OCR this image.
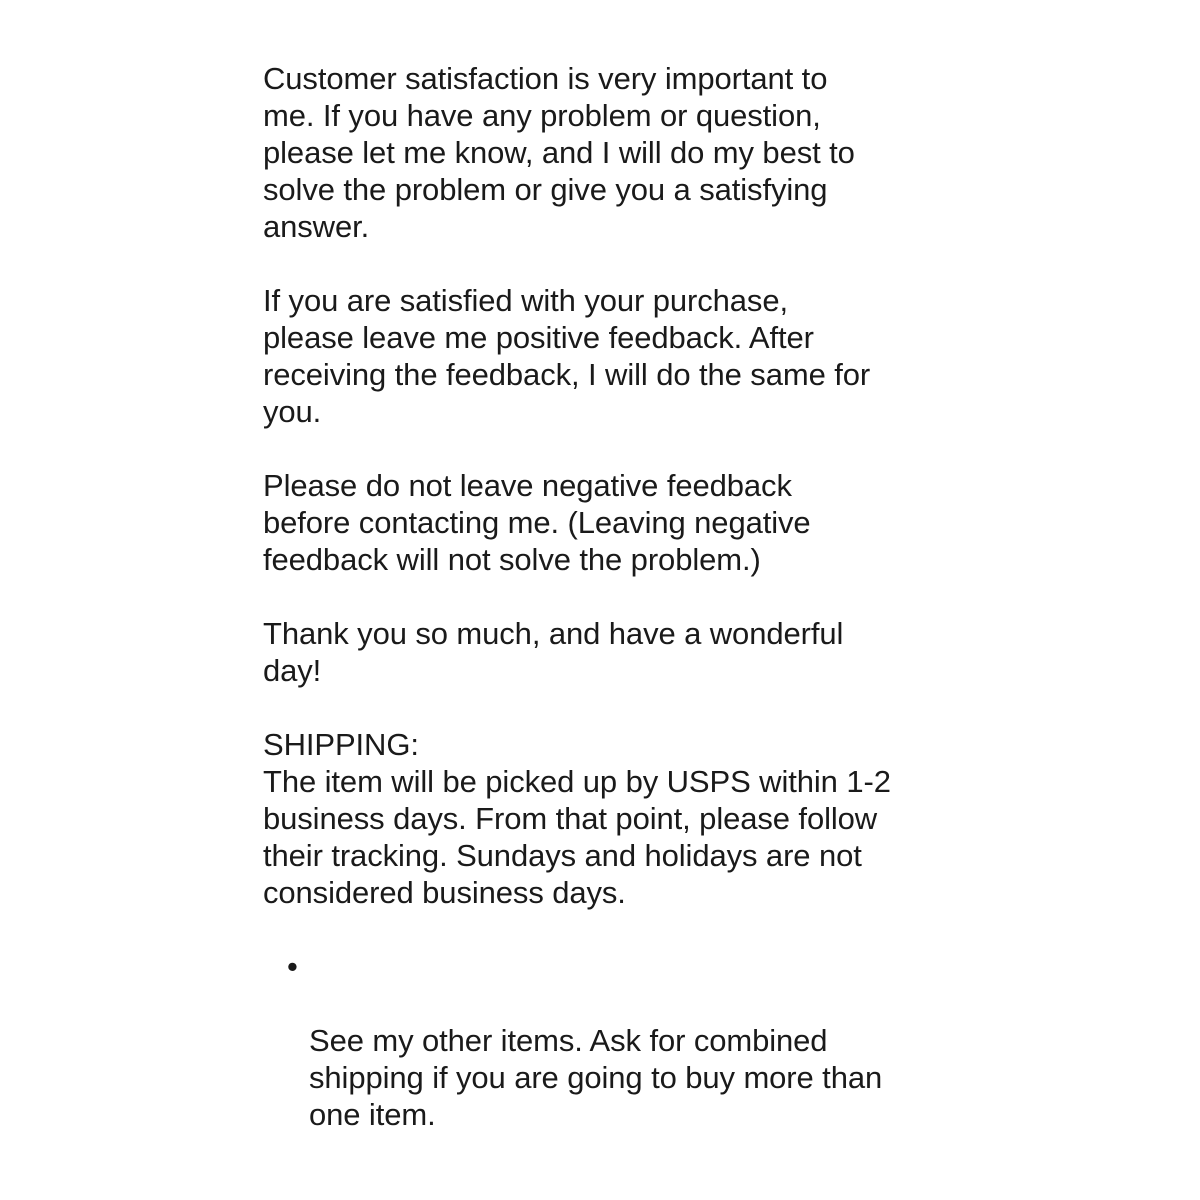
Customer satisfaction is very important to
me. If you have any problem or question,
please let me know, and I will do my best to
solve the problem or give you a satisfying
answer.

If you are satisfied with your purchase,
please leave me positive feedback. After
receiving the feedback, I will do the same for
you.

Please do not leave negative feedback
before contacting me. (Leaving negative
feedback will not solve the problem.)

Thank you so much, and have a wonderful
day!

SHIPPING:

The item will be picked up by USPS within 1-2
business days. From that point, please follow
their tracking. Sundays and holidays are not
considered business days.

•

See my other items. Ask for combined
shipping if you are going to buy more than
one item.
